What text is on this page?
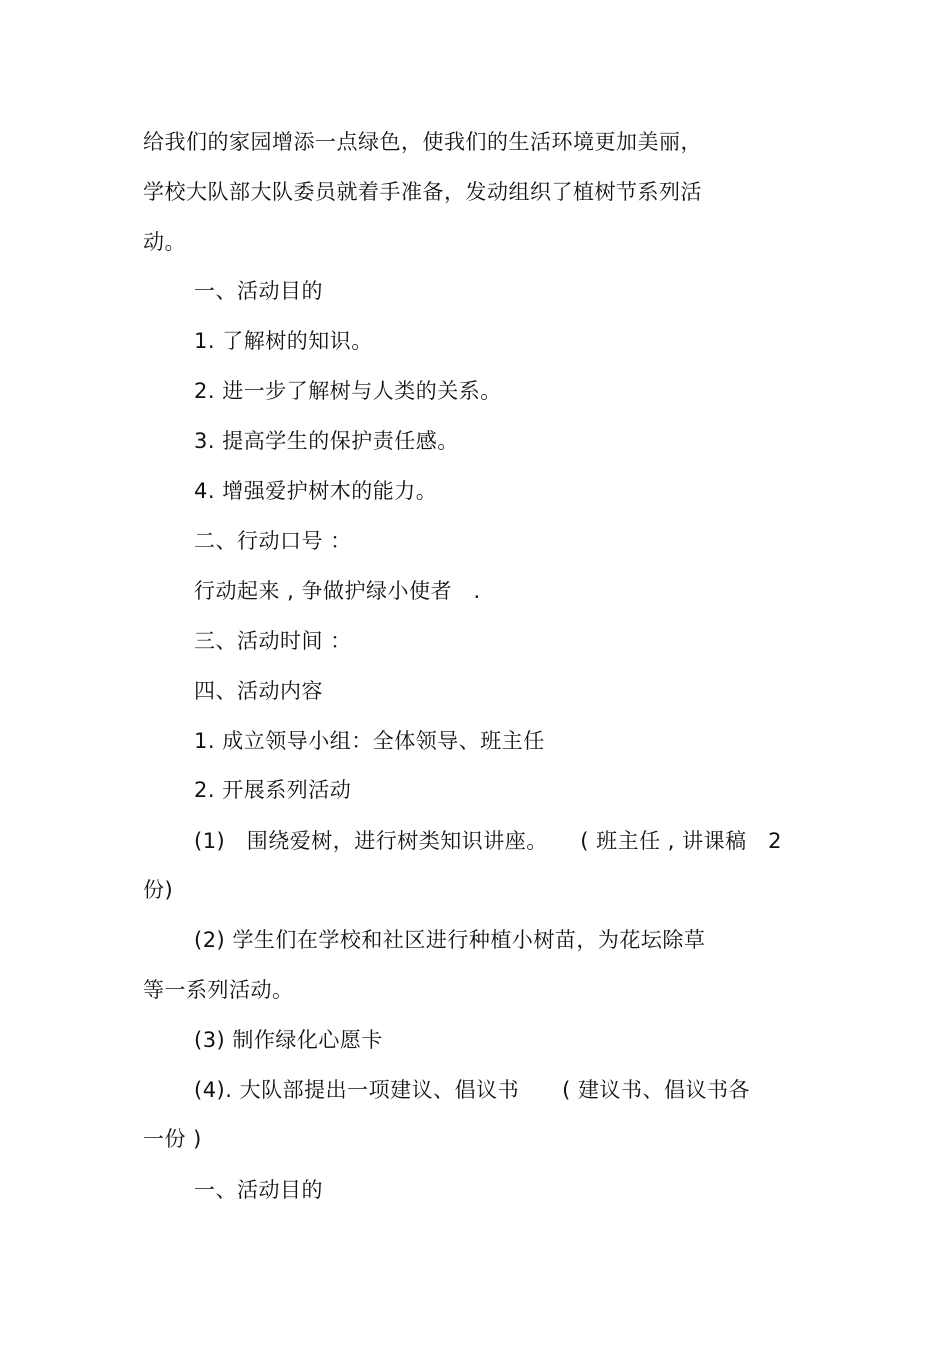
给我们的家园增添一点绿色，使我们的生活环境更加美丽，
学校大队部大队委员就着手准备，发动组织了植树节系列活
动。
一、活动目的
1. 了解树的知识。
2. 进一步了解树与人类的关系。
3. 提高学生的保护责任感。
4. 增强爱护树木的能力。
二、行动口号 ：
行动起来 , 争做护绿小使者　.
三、活动时间 ：
四、活动内容
1. 成立领导小组：全体领导、班主任
2. 开展系列活动
(1)　围绕爱树，进行树类知识讲座。　　( 班主任 , 讲课稿　2
份)
(2) 学生们在学校和社区进行种植小树苗，为花坛除草
等一系列活动。
(3) 制作绿化心愿卡
(4). 大队部提出一项建议、倡议书　　( 建议书、倡议书各
一份 )
一、活动目的
